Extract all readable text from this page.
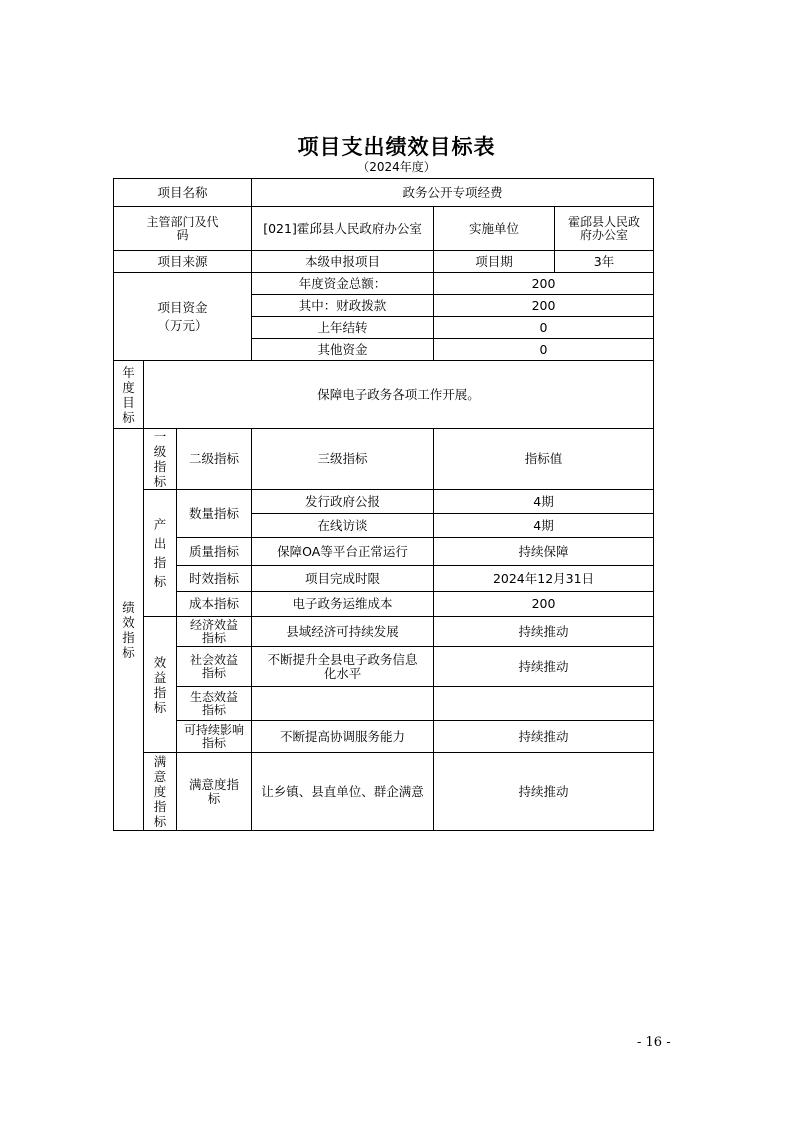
项目支出绩效目标表
（2024年度）
项目名称			政务公开专项经费		
主管部门及代码			[021]霍邱县人民政府办公室	实施单位	霍邱县人民政府办公室
项目来源			本级申报项目	项目期	3年

项目资金
（万元）			年度资金总额：	200	
			其中：财政拨款	200	
			上年结转	0	
			其他资金	0	

年
度
目
标	保障电子政务各项工作开展。				

绩
效
指
标	一
级
指
标	二级指标	三级指标	指标值	

	产
出
指
标	数量指标	发行政府公报	4期	
			在线访谈	4期	
		质量指标	保障OA等平台正常运行	持续保障	
		时效指标	项目完成时限	2024年12月31日	
		成本指标	电子政务运维成本	200	

	效
益
指
标	经济效益指标	县域经济可持续发展	持续推动	
		社会效益指标	不断提升全县电子政务信息化水平	持续推动	
		生态效益指标			
		可持续影响指标	不断提高协调服务能力	持续推动	

	满
意
度
指
标	满意度指标	让乡镇、县直单位、群企满意	持续推动	
- 16 -
